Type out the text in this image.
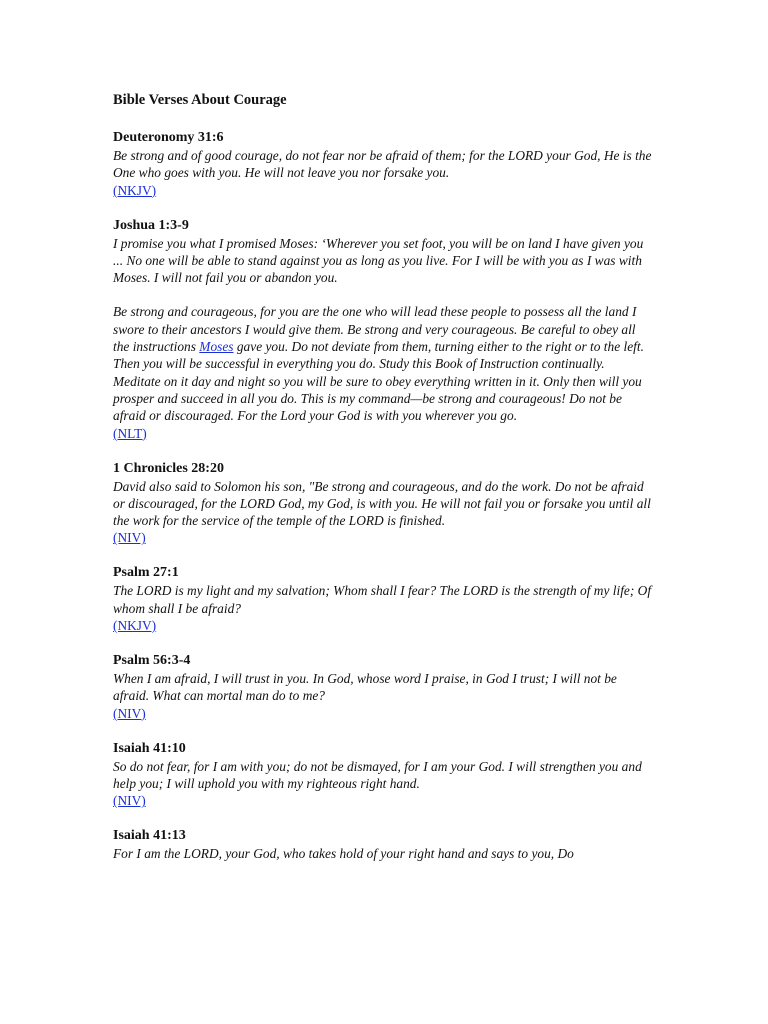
Bible Verses About Courage
Deuteronomy 31:6
Be strong and of good courage, do not fear nor be afraid of them; for the LORD your God, He is the One who goes with you. He will not leave you nor forsake you.
(NKJV)
Joshua 1:3-9
I promise you what I promised Moses: ‘Wherever you set foot, you will be on land I have given you ... No one will be able to stand against you as long as you live. For I will be with you as I was with Moses. I will not fail you or abandon you.
Be strong and courageous, for you are the one who will lead these people to possess all the land I swore to their ancestors I would give them. Be strong and very courageous. Be careful to obey all the instructions Moses gave you. Do not deviate from them, turning either to the right or to the left. Then you will be successful in everything you do. Study this Book of Instruction continually. Meditate on it day and night so you will be sure to obey everything written in it. Only then will you prosper and succeed in all you do. This is my command—be strong and courageous! Do not be afraid or discouraged. For the Lord your God is with you wherever you go.
(NLT)
1 Chronicles 28:20
David also said to Solomon his son, "Be strong and courageous, and do the work. Do not be afraid or discouraged, for the LORD God, my God, is with you. He will not fail you or forsake you until all the work for the service of the temple of the LORD is finished.
(NIV)
Psalm 27:1
The LORD is my light and my salvation; Whom shall I fear? The LORD is the strength of my life; Of whom shall I be afraid?
(NKJV)
Psalm 56:3-4
When I am afraid, I will trust in you. In God, whose word I praise, in God I trust; I will not be afraid. What can mortal man do to me?
(NIV)
Isaiah 41:10
So do not fear, for I am with you; do not be dismayed, for I am your God. I will strengthen you and help you; I will uphold you with my righteous right hand.
(NIV)
Isaiah 41:13
For I am the LORD, your God, who takes hold of your right hand and says to you, Do
